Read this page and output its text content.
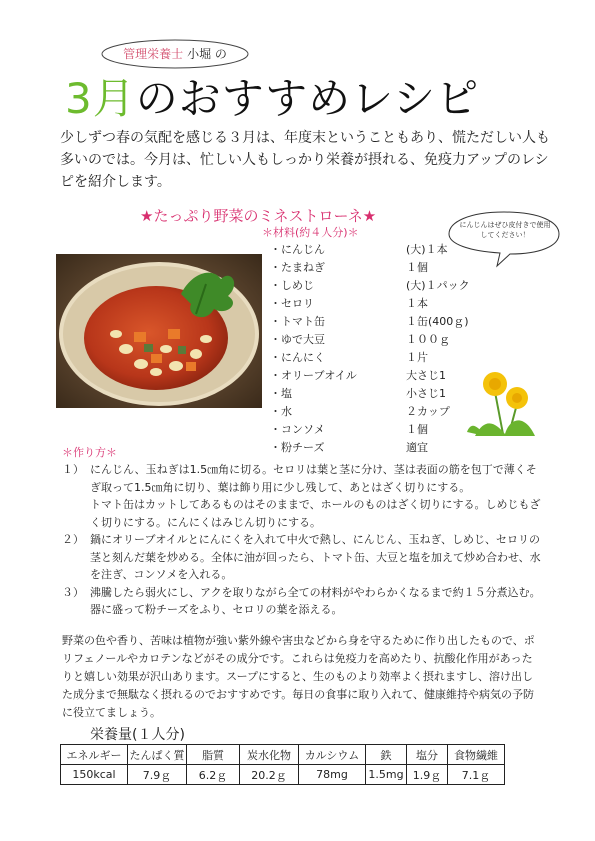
管理栄養士 小堀 の
3月のおすすめレシピ
少しずつ春の気配を感じる３月は、年度末ということもあり、慌ただしい人も多いのでは。今月は、忙しい人もしっかり栄養が摂れる、免疫力アップのレシピを紹介します。
★たっぷり野菜のミネストローネ★
＊材料(約４人分)＊
・にんじん	(大)１本
・たまねぎ	１個
・しめじ	(大)１パック
・セロリ	１本
・トマト缶	１缶(400ｇ)
・ゆで大豆	１００ｇ
・にんにく	１片
・オリーブオイル	大さじ1
・塩	小さじ1
・水	２カップ
・コンソメ	１個
・粉チーズ	適宜
にんじんはぜひ皮付きで使用してください！
＊作り方＊
１） にんじん、玉ねぎは1.5㎝角に切る。セロリは葉と茎に分け、茎は表面の筋を包丁で薄くそぎ取って1.5㎝角に切り、葉は飾り用に少し残して、あとはざく切りにする。
トマト缶はカットしてあるものはそのままで、ホールのものはざく切りにする。しめじもざく切りにする。にんにくはみじん切りにする。
２） 鍋にオリーブオイルとにんにくを入れて中火で熱し、にんじん、玉ねぎ、しめじ、セロリの茎と刻んだ葉を炒める。全体に油が回ったら、トマト缶、大豆と塩を加えて炒め合わせ、水を注ぎ、コンソメを入れる。
３） 沸騰したら弱火にし、アクを取りながら全ての材料がやわらかくなるまで約１５分煮込む。器に盛って粉チーズをふり、セロリの葉を添える。
野菜の色や香り、苦味は植物が強い紫外線や害虫などから身を守るために作り出したもので、ポリフェノールやカロテンなどがその成分です。これらは免疫力を高めたり、抗酸化作用があったりと嬉しい効果が沢山あります。スープにすると、生のものより効率よく摂れますし、溶け出した成分まで無駄なく摂れるのでおすすめです。毎日の食事に取り入れて、健康維持や病気の予防に役立てましょう。
栄養量(１人分)
エネルギー	たんぱく質	脂質	炭水化物	カルシウム	鉄	塩分	食物繊維
150kcal	7.9ｇ	6.2ｇ	20.2ｇ	78mg	1.5mg	1.9ｇ	7.1ｇ
